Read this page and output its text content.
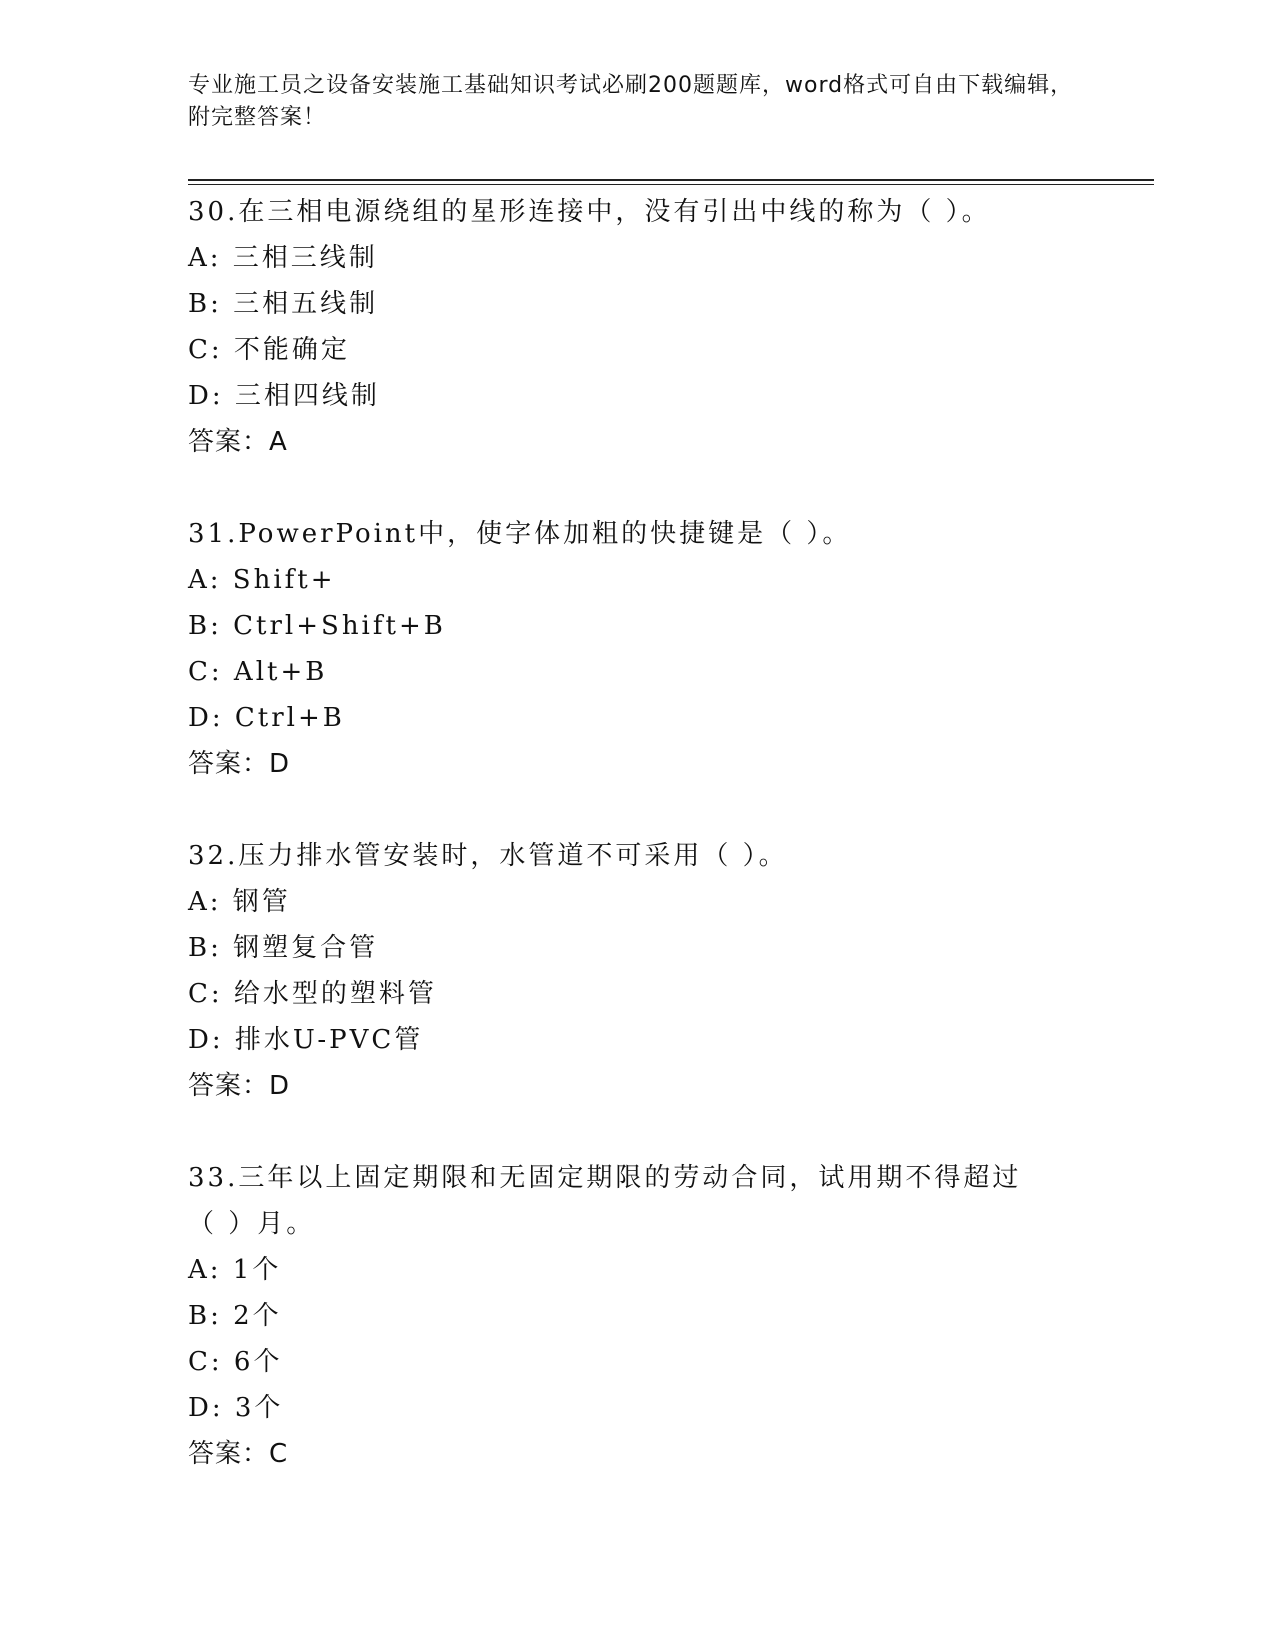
专业施工员之设备安装施工基础知识考试必刷200题题库，word格式可自由下载编辑，附完整答案！

30.在三相电源绕组的星形连接中，没有引出中线的称为（ ）。

A: 三相三线制

B: 三相五线制

C: 不能确定

D: 三相四线制

答案：A

31.PowerPoint中，使字体加粗的快捷键是（ ）。

A: Shift+

B: Ctrl+Shift+B

C: Alt+B

D: Ctrl+B

答案：D

32.压力排水管安装时，水管道不可采用（ ）。

A: 钢管

B: 钢塑复合管

C: 给水型的塑料管

D: 排水U-PVC管

答案：D

33.三年以上固定期限和无固定期限的劳动合同，试用期不得超过（ ）月。

A: 1个

B: 2个

C: 6个

D: 3个

答案：C
